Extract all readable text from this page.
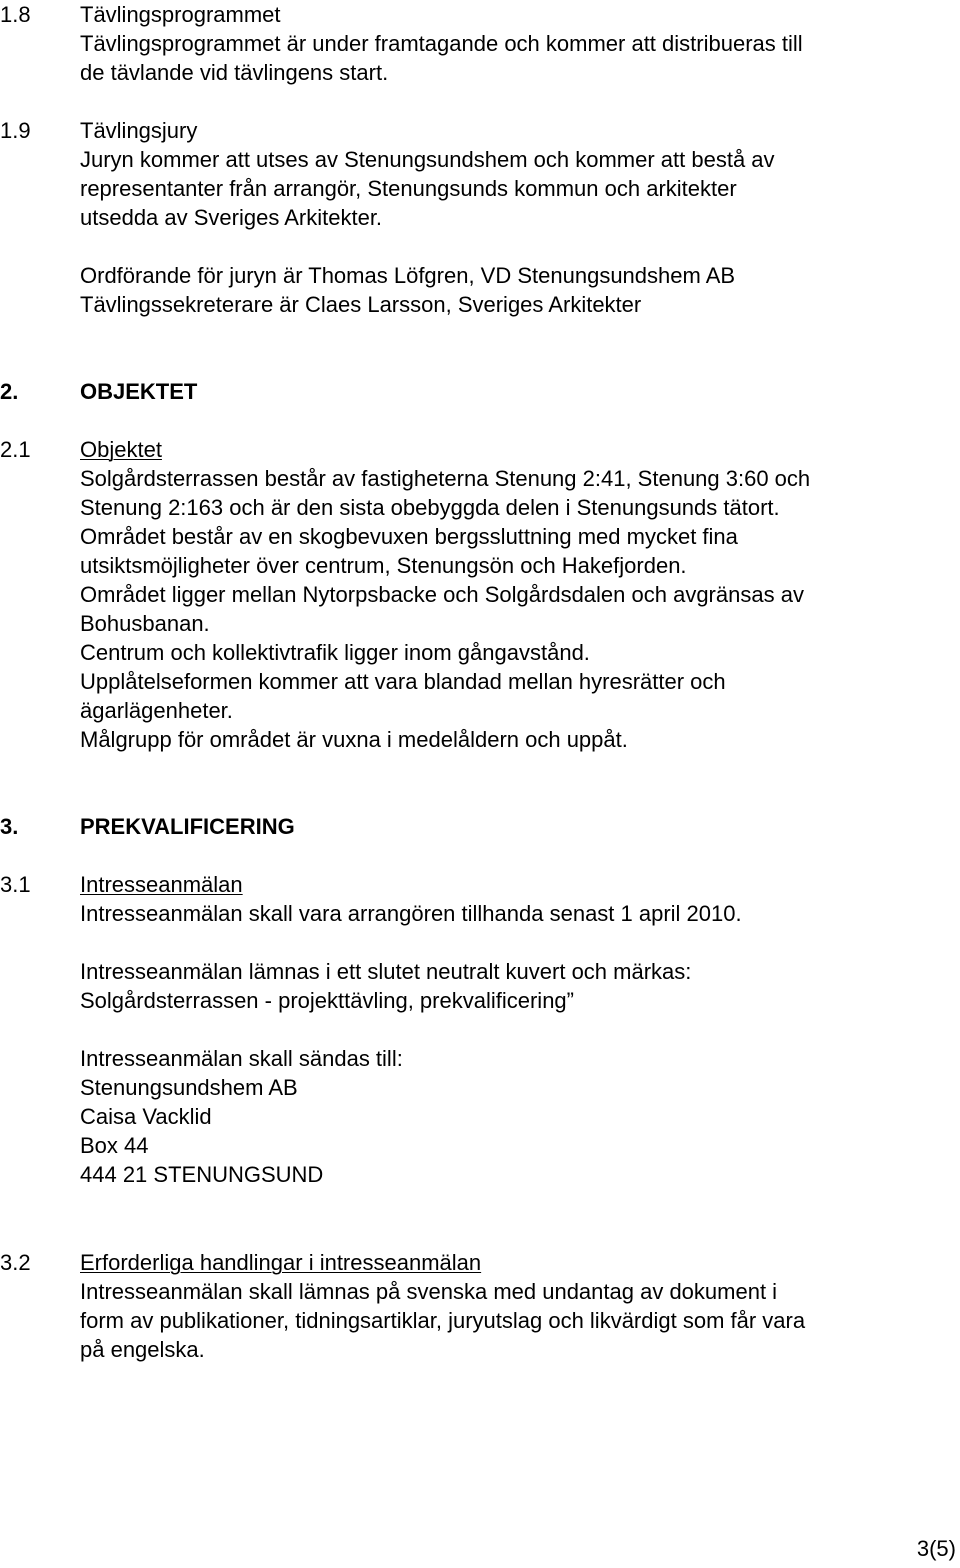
1.8 Tävlingsprogrammet
Tävlingsprogrammet är under framtagande och kommer att distribueras till
de tävlande vid tävlingens start.
1.9 Tävlingsjury
Juryn kommer att utses av Stenungsundshem och kommer att bestå av
representanter från arrangör, Stenungsunds kommun och arkitekter
utsedda av Sveriges Arkitekter.
Ordförande för juryn är Thomas Löfgren, VD Stenungsundshem AB
Tävlingssekreterare är Claes Larsson, Sveriges Arkitekter
2.	OBJEKTET
2.1 Objektet
Solgårdsterrassen består av fastigheterna Stenung 2:41, Stenung 3:60 och
Stenung 2:163 och är den sista obebyggda delen i Stenungsunds tätort.
Området består av en skogbevuxen bergssluttning med mycket fina
utsiktsmöjligheter över centrum, Stenungsön och Hakefjorden.
Området ligger mellan Nytorpsbacke och Solgårdsdalen och avgränsas av
Bohusbanan.
Centrum och kollektivtrafik ligger inom gångavstånd.
Upplåtelseformen kommer att vara blandad mellan hyresrätter och
ägarlägenheter.
Målgrupp för området är vuxna i medelåldern och uppåt.
3.	PREKVALIFICERING
3.1 Intresseanmälan
Intresseanmälan skall vara arrangören tillhanda senast 1 april 2010.
Intresseanmälan lämnas i ett slutet neutralt kuvert och märkas:
Solgårdsterrassen - projekttävling, prekvalificering”
Intresseanmälan skall sändas till:
Stenungsundshem AB
Caisa Vacklid
Box 44
444 21 STENUNGSUND
3.2 Erforderliga handlingar i intresseanmälan
Intresseanmälan skall lämnas på svenska med undantag av dokument i
form av publikationer, tidningsartiklar, juryutslag och likvärdigt som får vara
på engelska.
3(5)
